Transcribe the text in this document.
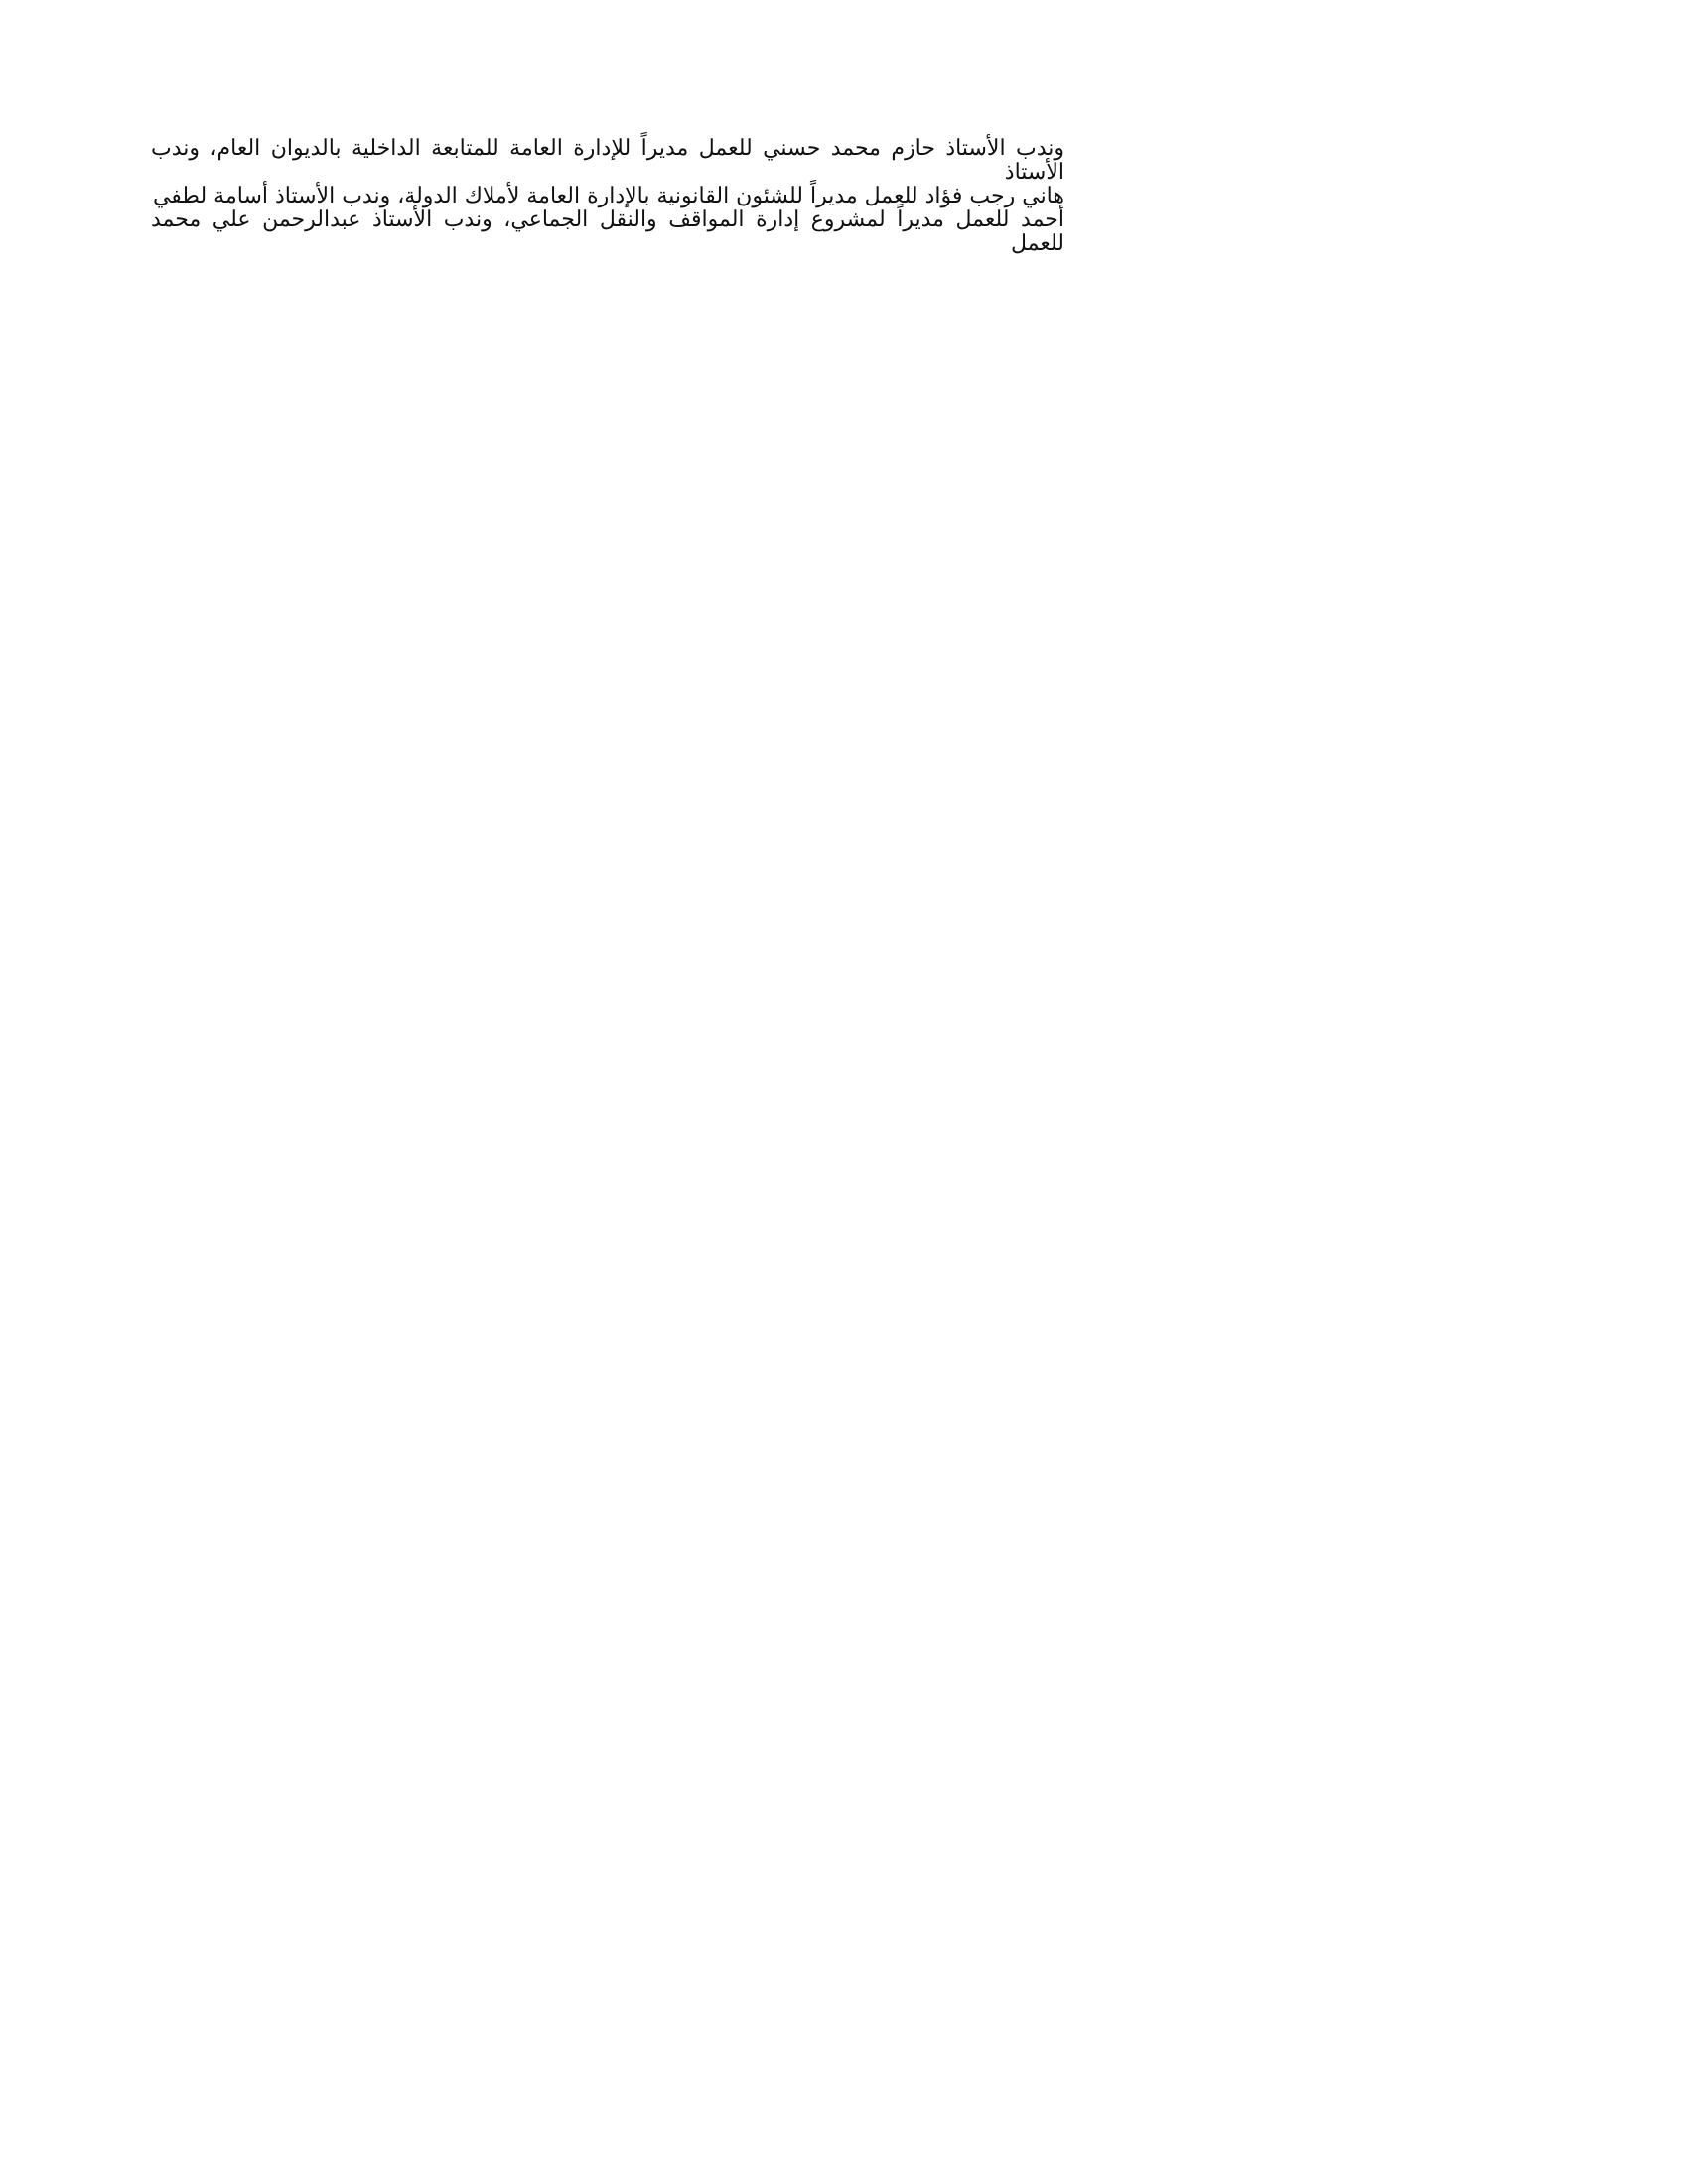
وندب الأستاذ حازم محمد حسني للعمل مديراً للإدارة العامة للمتابعة الداخلية بالديوان العام، وندب الأستاذ
هاني رجب فؤاد للعمل مديراً للشئون القانونية بالإدارة العامة لأملاك الدولة، وندب الأستاذ أسامة لطفي
أحمد للعمل مديراً لمشروع إدارة المواقف والنقل الجماعي، وندب الأستاذ عبدالرحمن علي محمد للعمل
